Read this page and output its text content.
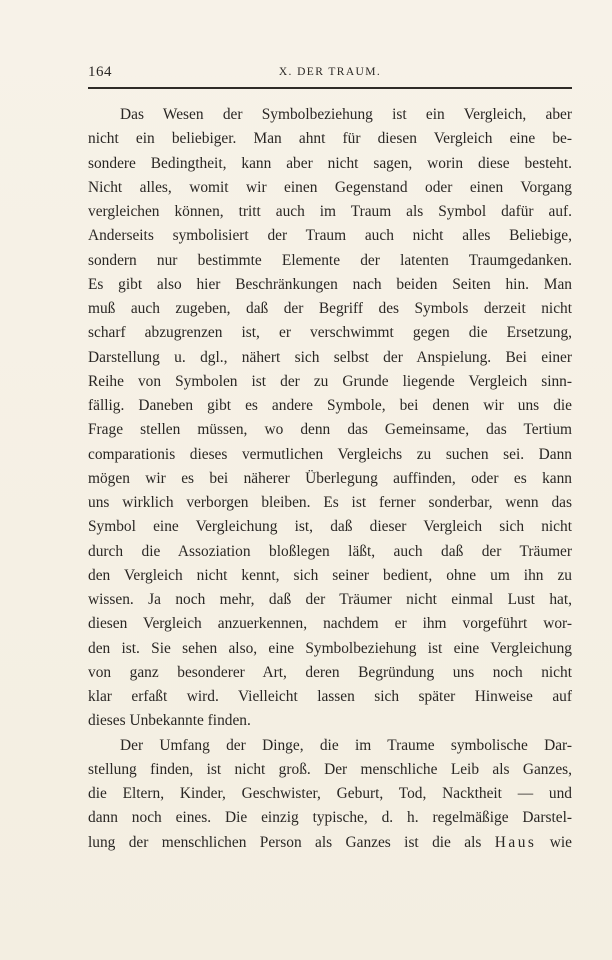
164	X. DER TRAUM.
Das Wesen der Symbolbeziehung ist ein Vergleich, aber
nicht ein beliebiger. Man ahnt für diesen Vergleich eine be-
sondere Bedingtheit, kann aber nicht sagen, worin diese besteht.
Nicht alles, womit wir einen Gegenstand oder einen Vorgang
vergleichen können, tritt auch im Traum als Symbol dafür auf.
Anderseits symbolisiert der Traum auch nicht alles Beliebige,
sondern nur bestimmte Elemente der latenten Traumgedanken.
Es gibt also hier Beschränkungen nach beiden Seiten hin. Man
muß auch zugeben, daß der Begriff des Symbols derzeit nicht
scharf abzugrenzen ist, er verschwimmt gegen die Ersetzung,
Darstellung u. dgl., nähert sich selbst der Anspielung. Bei einer
Reihe von Symbolen ist der zu Grunde liegende Vergleich sinn-
fällig. Daneben gibt es andere Symbole, bei denen wir uns die
Frage stellen müssen, wo denn das Gemeinsame, das Tertium
comparationis dieses vermutlichen Vergleichs zu suchen sei. Dann
mögen wir es bei näherer Überlegung auffinden, oder es kann
uns wirklich verborgen bleiben. Es ist ferner sonderbar, wenn das
Symbol eine Vergleichung ist, daß dieser Vergleich sich nicht
durch die Assoziation bloßlegen läßt, auch daß der Träumer
den Vergleich nicht kennt, sich seiner bedient, ohne um ihn zu
wissen. Ja noch mehr, daß der Träumer nicht einmal Lust hat,
diesen Vergleich anzuerkennen, nachdem er ihm vorgeführt wor-
den ist. Sie sehen also, eine Symbolbeziehung ist eine Vergleichung
von ganz besonderer Art, deren Begründung uns noch nicht
klar erfaßt wird. Vielleicht lassen sich später Hinweise auf
dieses Unbekannte finden.
Der Umfang der Dinge, die im Traume symbolische Dar-
stellung finden, ist nicht groß. Der menschliche Leib als Ganzes,
die Eltern, Kinder, Geschwister, Geburt, Tod, Nacktheit — und
dann noch eines. Die einzig typische, d. h. regelmäßige Darstel-
lung der menschlichen Person als Ganzes ist die als Haus wie
